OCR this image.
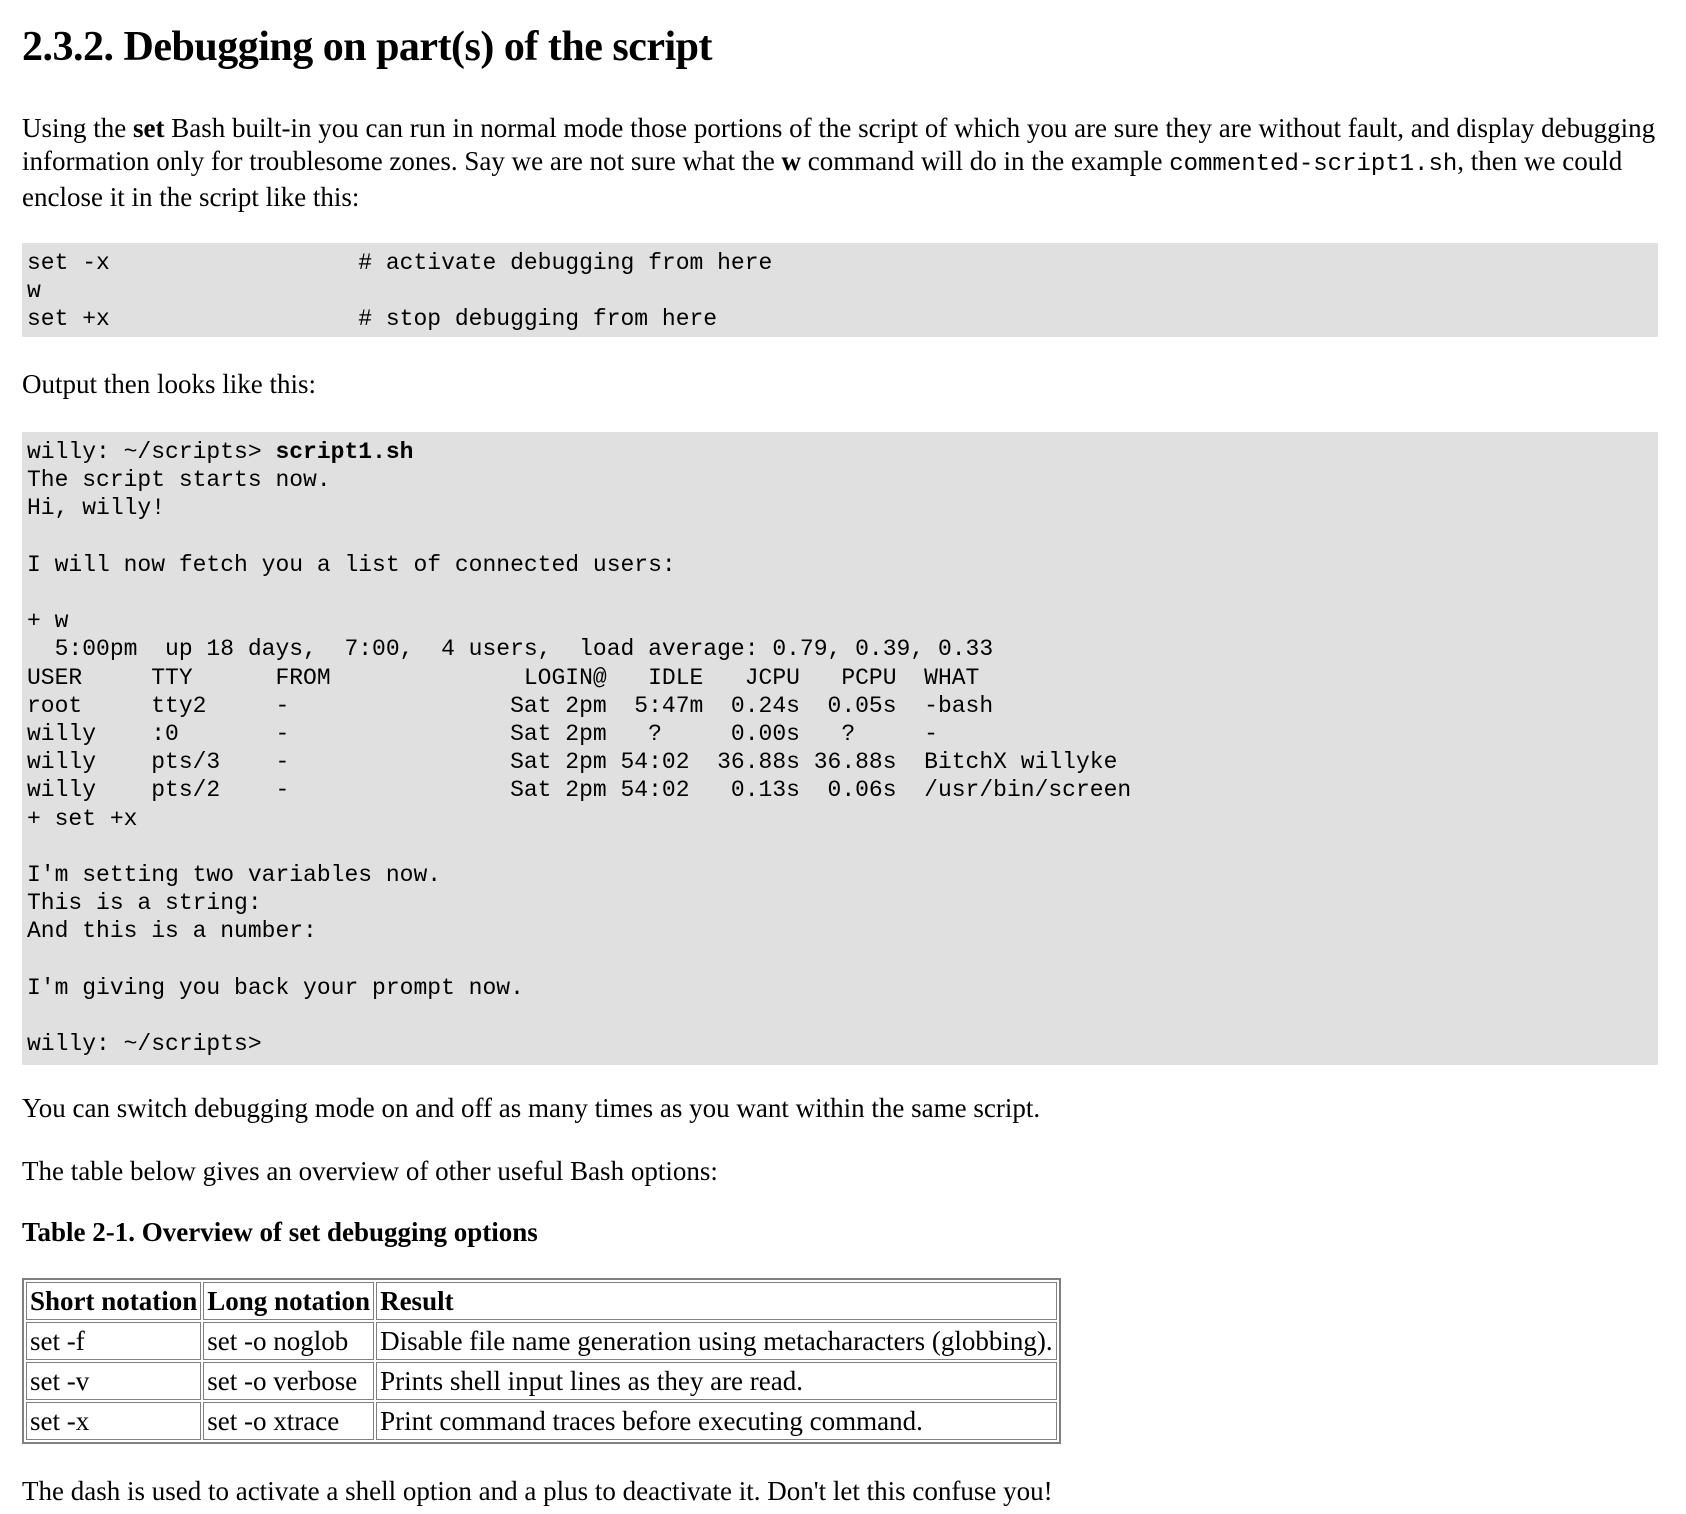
2.3.2. Debugging on part(s) of the script

Using the set Bash built-in you can run in normal mode those portions of the script of which you are sure they are without fault, and display debugging information only for troublesome zones. Say we are not sure what the w command will do in the example commented-script1.sh, then we could enclose it in the script like this:

set -x                  # activate debugging from here
w
set +x                  # stop debugging from here

Output then looks like this:

willy: ~/scripts> script1.sh
The script starts now.
Hi, willy!

I will now fetch you a list of connected users:

+ w
5:00pm  up 18 days,  7:00,  4 users,  load average: 0.79, 0.39, 0.33
USER     TTY      FROM              LOGIN@   IDLE   JCPU   PCPU  WHAT
root     tty2     -                Sat 2pm  5:47m  0.24s  0.05s  -bash
willy    :0       -                Sat 2pm   ?     0.00s   ?     -
willy    pts/3    -                Sat 2pm 54:02  36.88s 36.88s  BitchX willyke
willy    pts/2    -                Sat 2pm 54:02   0.13s  0.06s  /usr/bin/screen
+ set +x

I'm setting two variables now.
This is a string:
And this is a number:

I'm giving you back your prompt now.

willy: ~/scripts>

You can switch debugging mode on and off as many times as you want within the same script.

The table below gives an overview of other useful Bash options:

Table 2-1. Overview of set debugging options

Short notation	Long notation	Result
set -f	set -o noglob	Disable file name generation using metacharacters (globbing).
set -v	set -o verbose	Prints shell input lines as they are read.
set -x	set -o xtrace	Print command traces before executing command.

The dash is used to activate a shell option and a plus to deactivate it. Don't let this confuse you!
